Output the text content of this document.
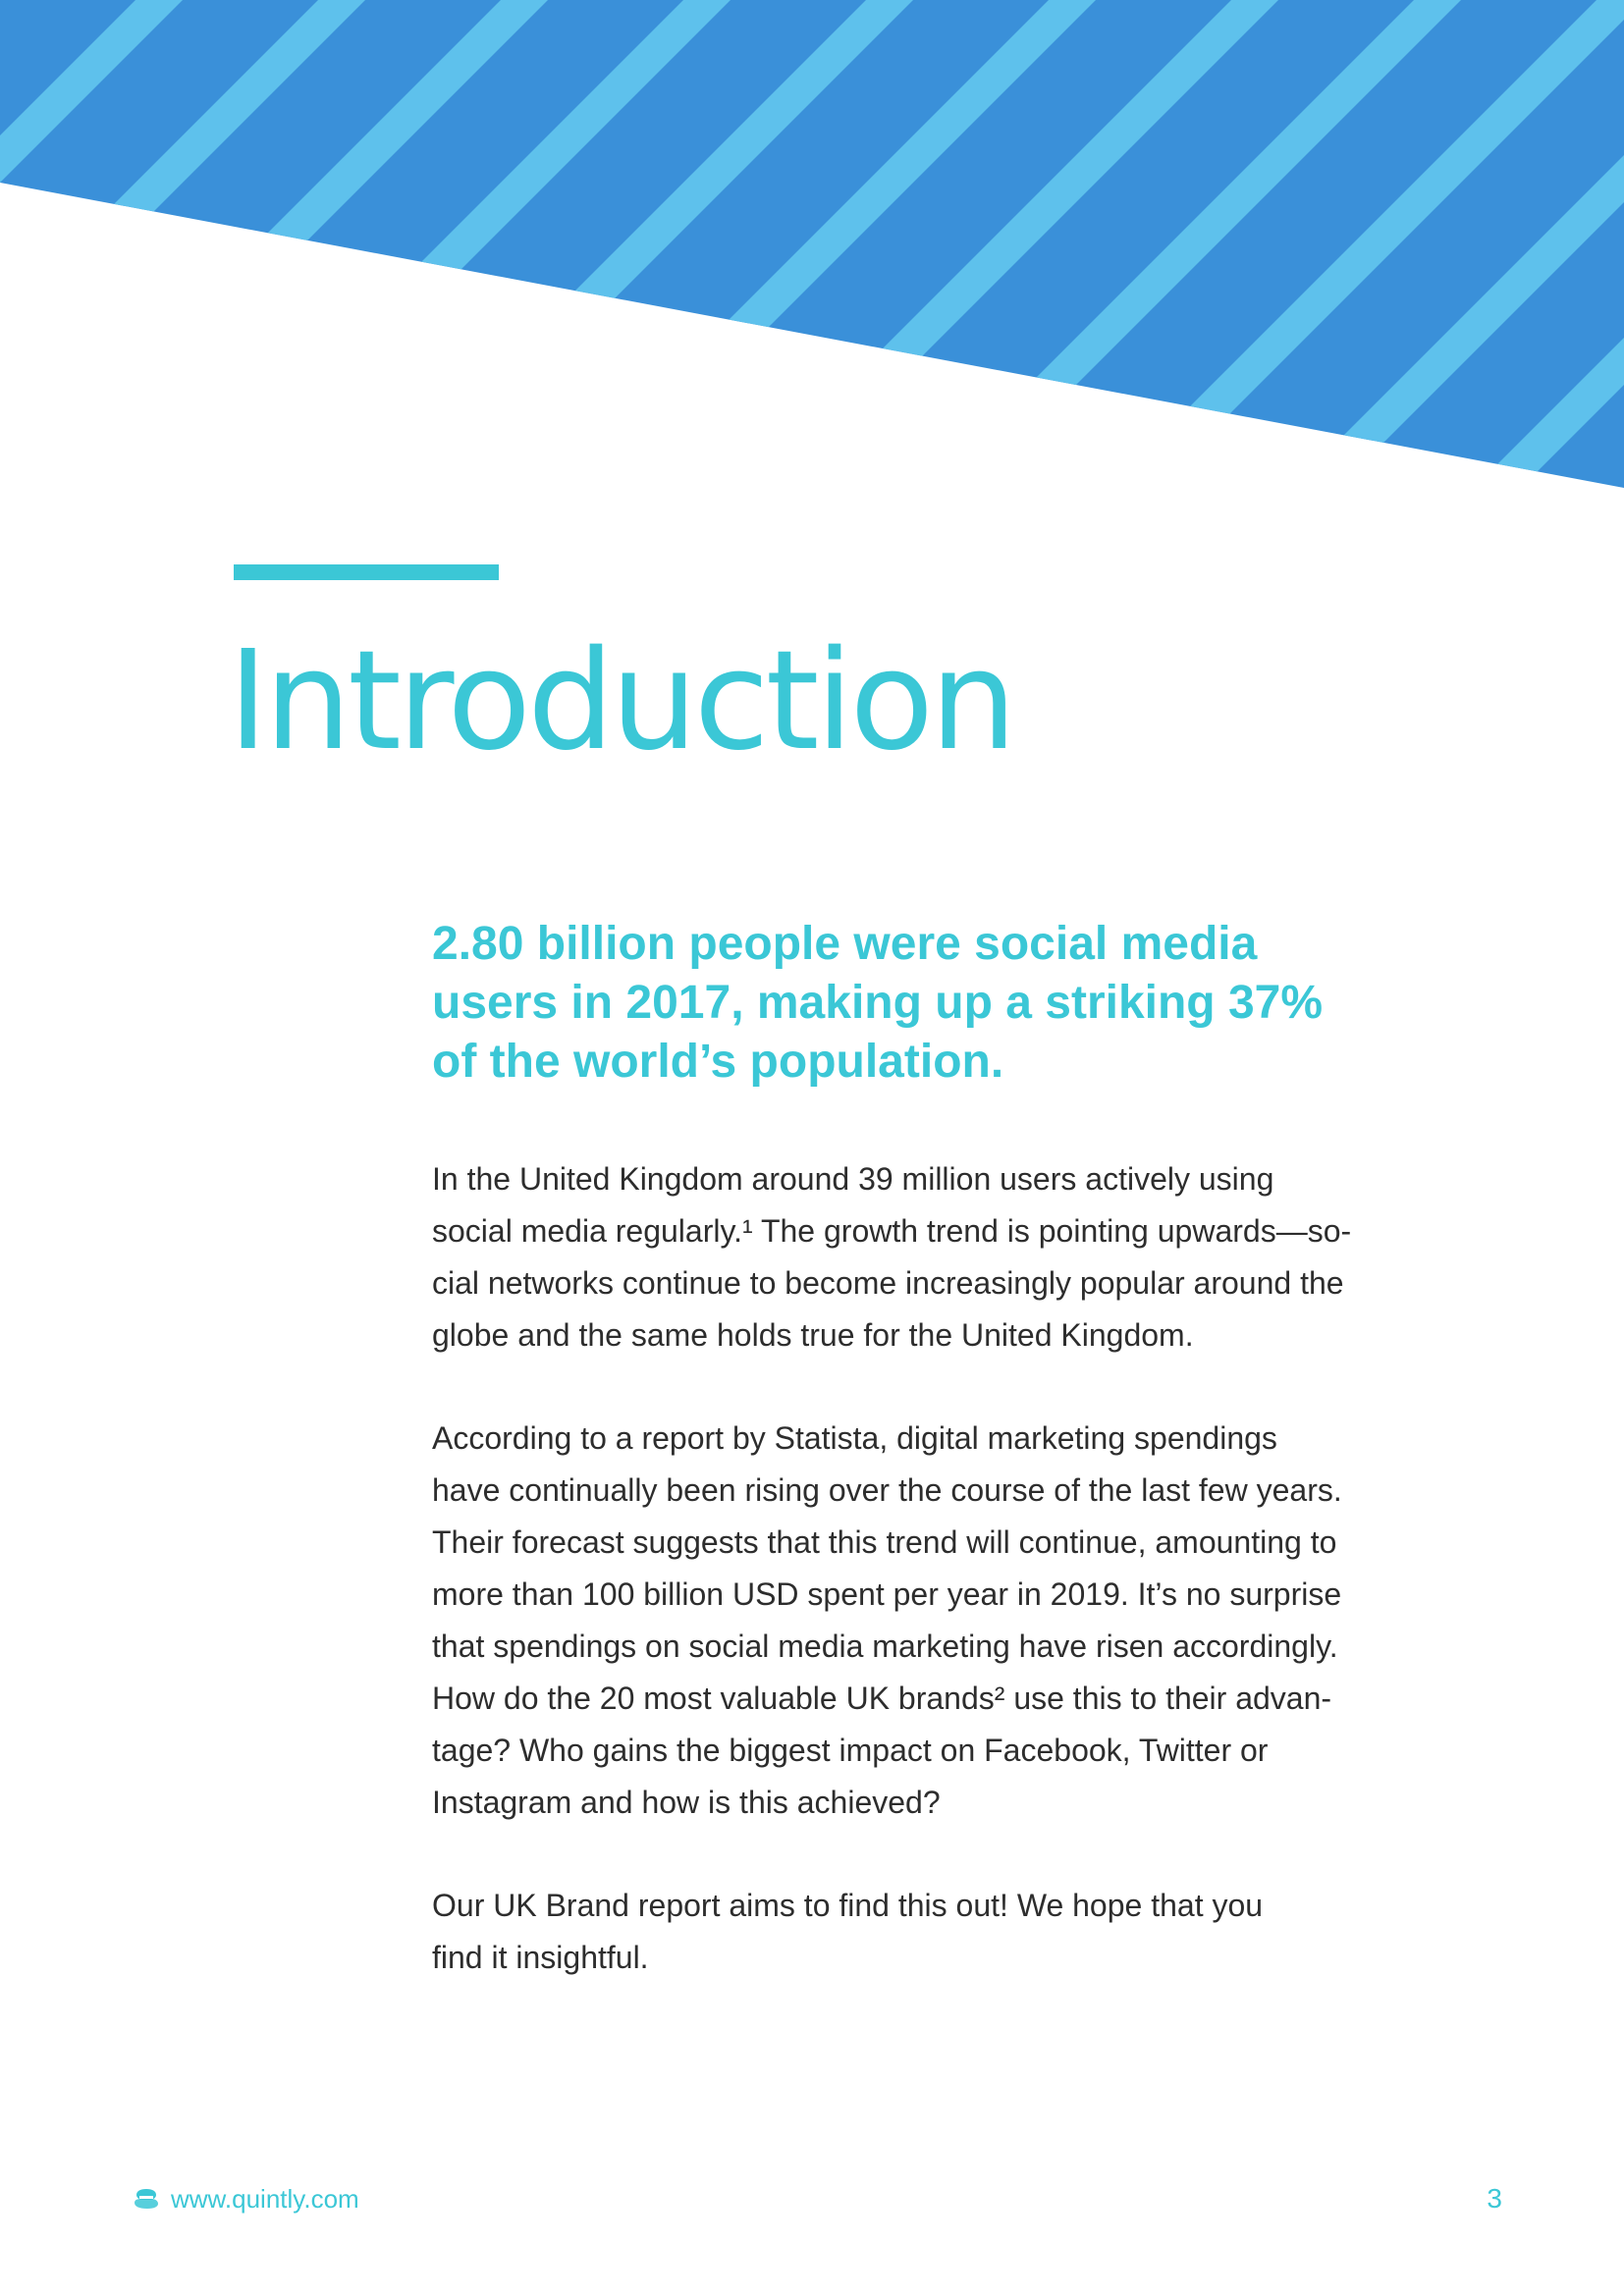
Introduction

2.80 billion people were social media
users in 2017, making up a striking 37%
of the world’s population.

In the United Kingdom around 39 million users actively using
social media regularly.¹ The growth trend is pointing upwards—so-
cial networks continue to become increasingly popular around the
globe and the same holds true for the United Kingdom.

According to a report by Statista, digital marketing spendings
have continually been rising over the course of the last few years.
Their forecast suggests that this trend will continue, amounting to
more than 100 billion USD spent per year in 2019. It’s no surprise
that spendings on social media marketing have risen accordingly.
How do the 20 most valuable UK brands² use this to their advan-
tage? Who gains the biggest impact on Facebook, Twitter or
Instagram and how is this achieved?

Our UK Brand report aims to find this out! We hope that you
find it insightful.

www.quintly.com	3
